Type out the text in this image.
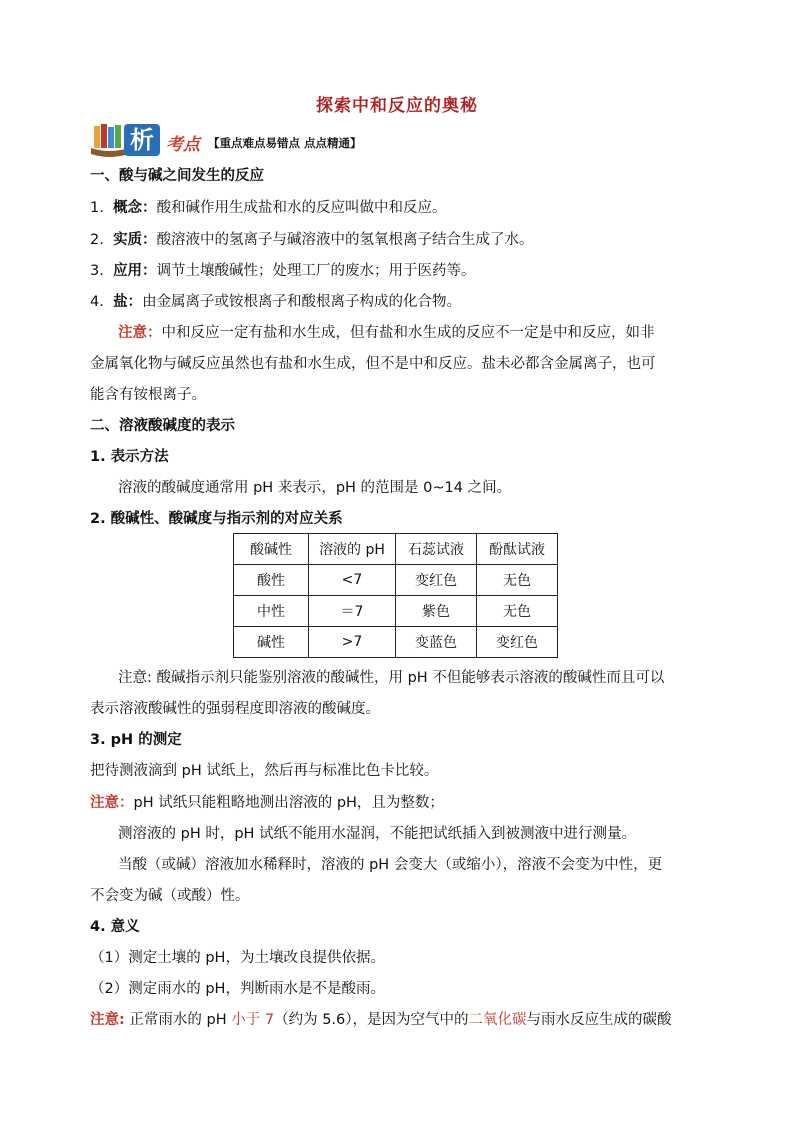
探索中和反应的奥秘
析 考点 【重点难点易错点 点点精通】
一、酸与碱之间发生的反应
1. 概念：酸和碱作用生成盐和水的反应叫做中和反应。
2. 实质：酸溶液中的氢离子与碱溶液中的氢氧根离子结合生成了水。
3. 应用：调节土壤酸碱性；处理工厂的废水；用于医药等。
4. 盐：由金属离子或铵根离子和酸根离子构成的化合物。
注意：中和反应一定有盐和水生成，但有盐和水生成的反应不一定是中和反应，如非
金属氧化物与碱反应虽然也有盐和水生成，但不是中和反应。盐未必都含金属离子，也可
能含有铵根离子。
二、溶液酸碱度的表示
1. 表示方法
溶液的酸碱度通常用 pH 来表示，pH 的范围是 0~14 之间。
2. 酸碱性、酸碱度与指示剂的对应关系
酸碱性	溶液的 pH	石蕊试液	酚酞试液
酸性	<7	变红色	无色
中性	＝7	紫色	无色
碱性	>7	变蓝色	变红色
注意: 酸碱指示剂只能鉴别溶液的酸碱性，用 pH 不但能够表示溶液的酸碱性而且可以
表示溶液酸碱性的强弱程度即溶液的酸碱度。
3. pH 的测定
把待测液滴到 pH 试纸上，然后再与标准比色卡比较。
注意：pH 试纸只能粗略地测出溶液的 pH，且为整数；
测溶液的 pH 时，pH 试纸不能用水湿润，不能把试纸插入到被测液中进行测量。
当酸（或碱）溶液加水稀释时，溶液的 pH 会变大（或缩小），溶液不会变为中性，更
不会变为碱（或酸）性。
4. 意义
（1）测定土壤的 pH，为土壤改良提供依据。
（2）测定雨水的 pH，判断雨水是不是酸雨。
注意: 正常雨水的 pH 小于 7（约为 5.6），是因为空气中的二氧化碳与雨水反应生成的碳酸
